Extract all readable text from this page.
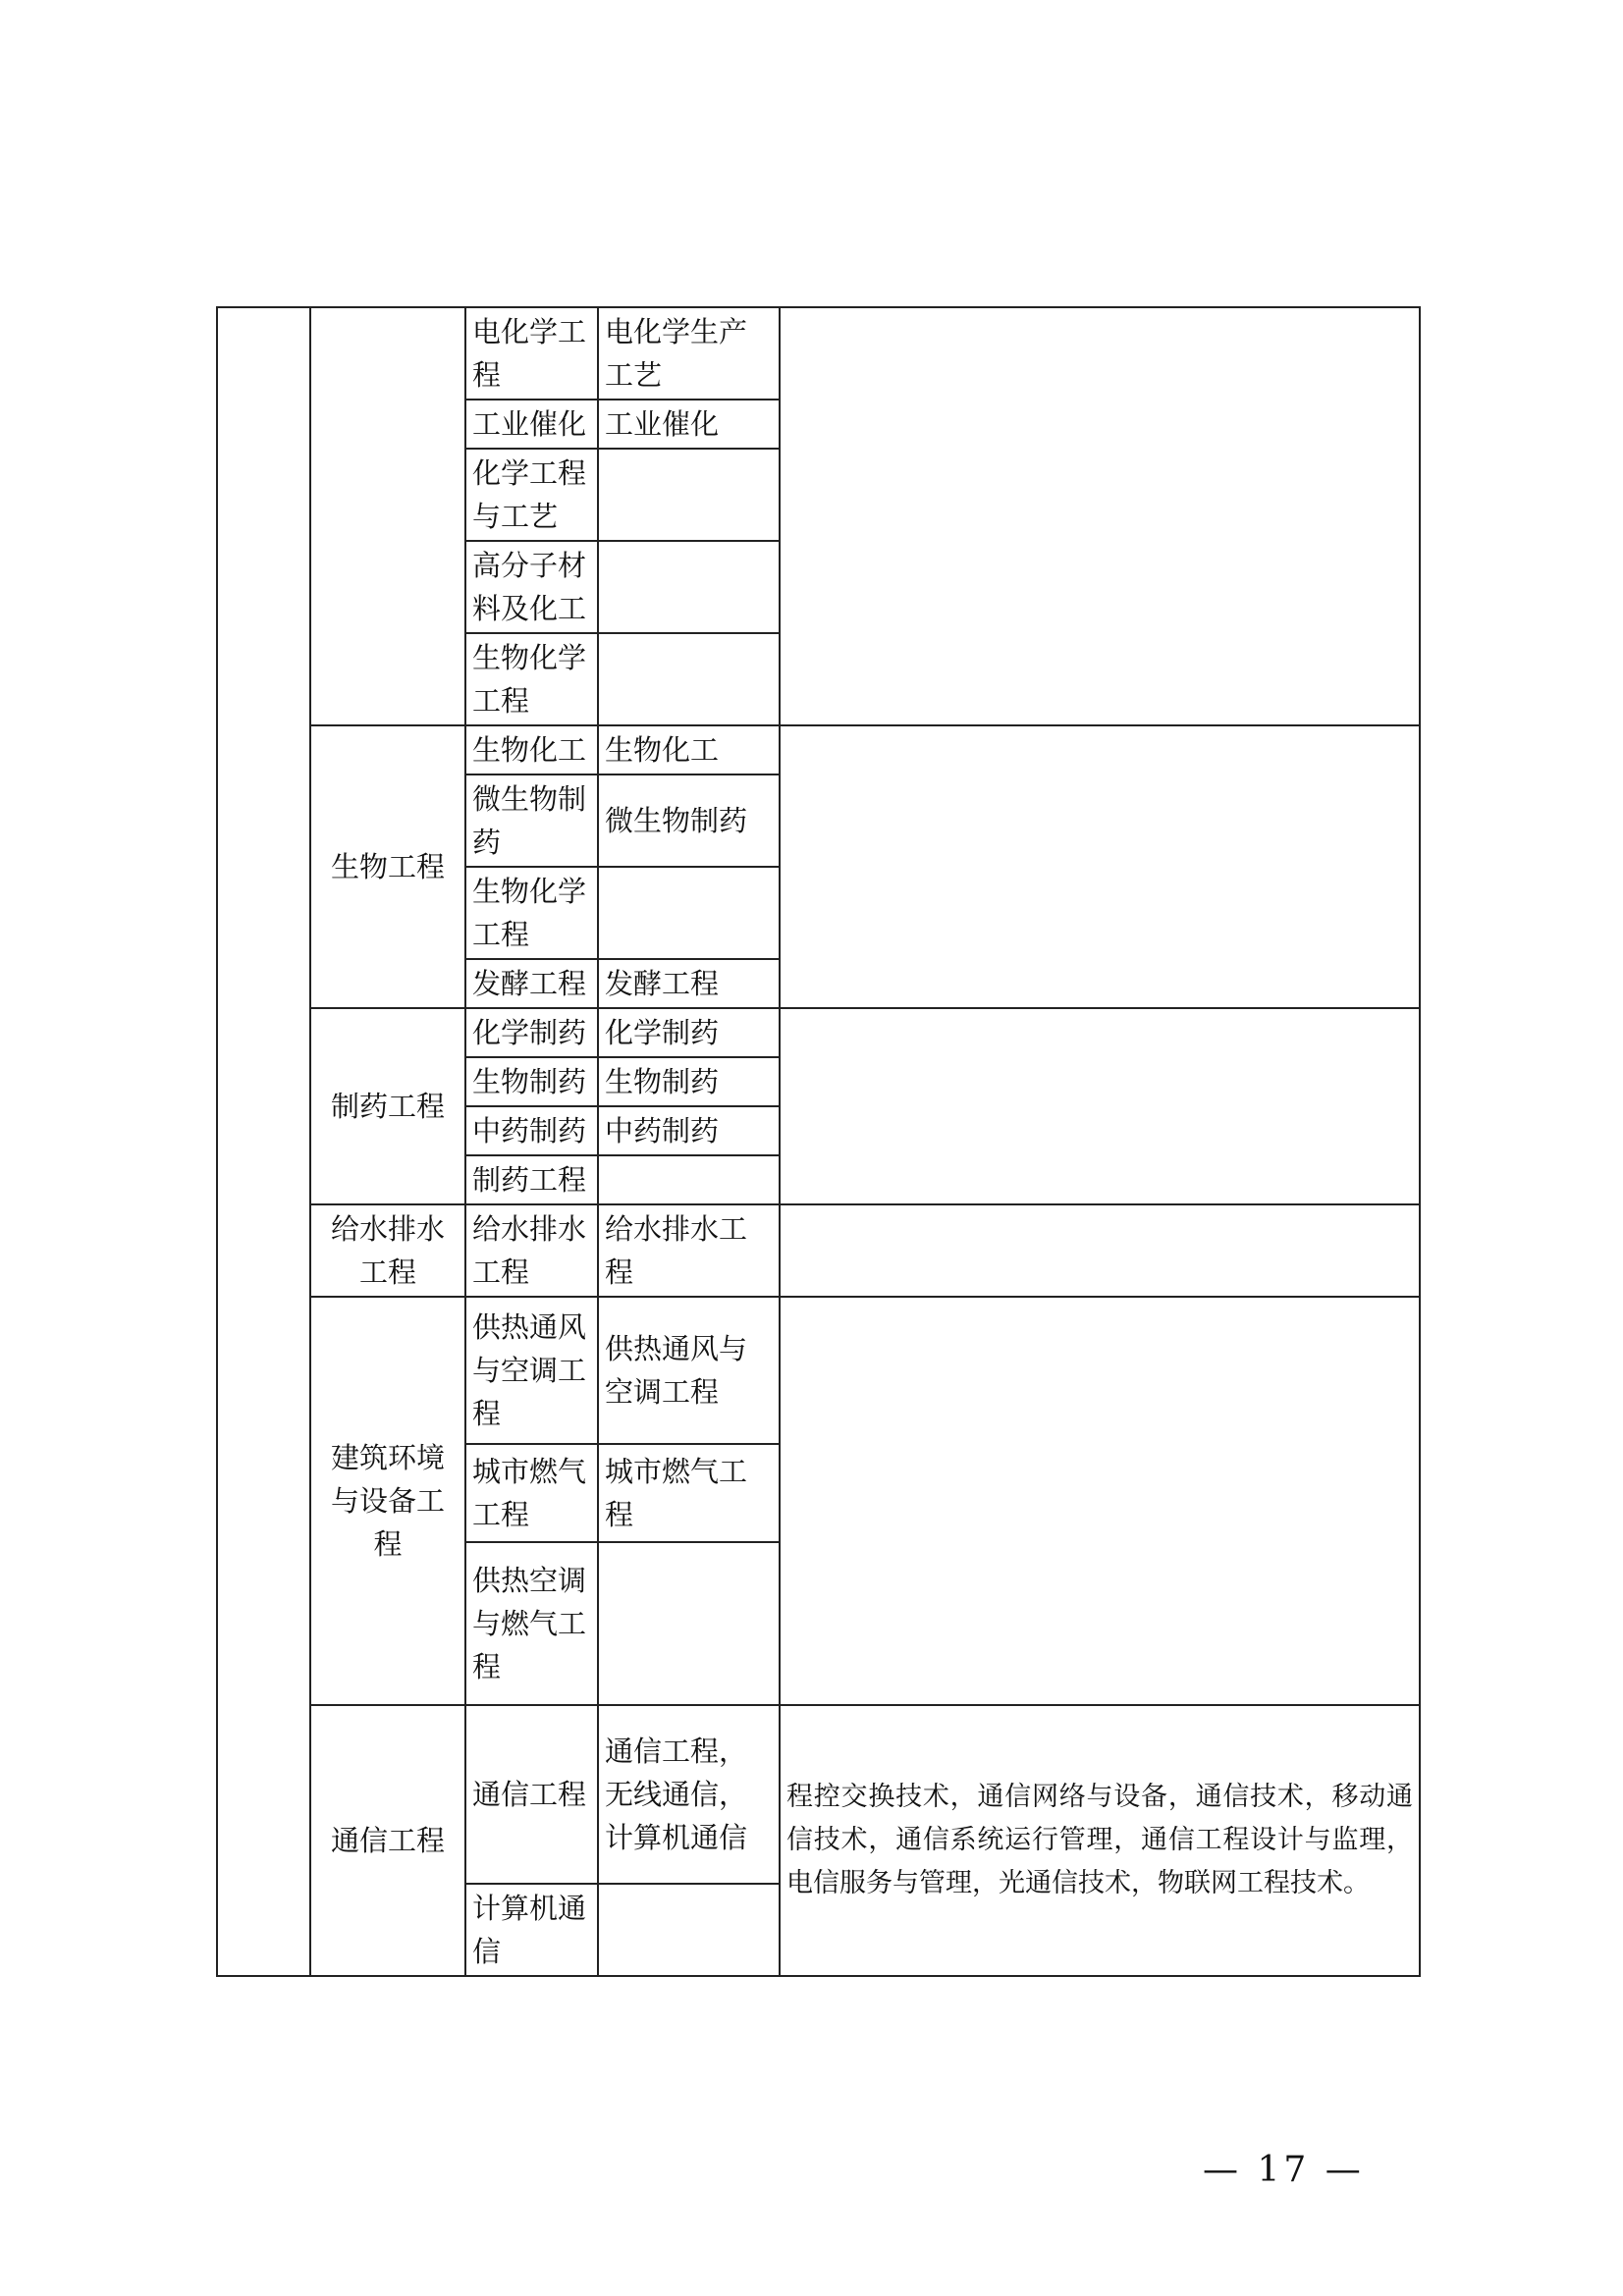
		电化学工程	电化学生产工艺	
		工业催化	工业催化	
		化学工程与工艺		
		高分子材料及化工		
		生物化学工程		
	生物工程	生物化工	生物化工	
		微生物制药	微生物制药	
		生物化学工程		
		发酵工程	发酵工程	
	制药工程	化学制药	化学制药	
		生物制药	生物制药	
		中药制药	中药制药	
		制药工程		
	给水排水工程	给水排水工程	给水排水工程	
	建筑环境与设备工程	供热通风与空调工程	供热通风与空调工程	
		城市燃气工程	城市燃气工程	
		供热空调与燃气工程		
	通信工程	通信工程	通信工程，无线通信，计算机通信	程控交换技术，通信网络与设备，通信技术，移动通信技术，通信系统运行管理，通信工程设计与监理，电信服务与管理，光通信技术，物联网工程技术。
		计算机通信		
— 17 —
